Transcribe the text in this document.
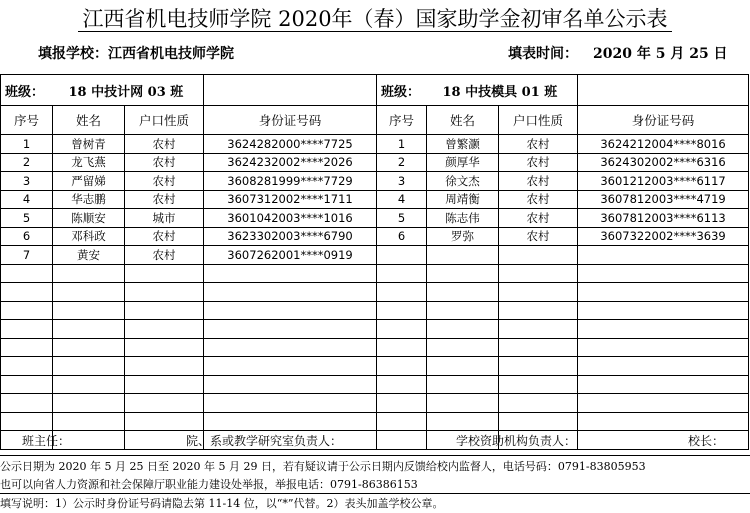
江西省机电技师学院 2020年（春）国家助学金初审名单公示表
填报学校：江西省机电技师学院	填表时间： 2020 年 5 月 25 日
班级：	18 中技计网 03 班			班级：	18 中技模具 01 班		
序号	姓名	户口性质	身份证号码	序号	姓名	户口性质	身份证号码
1	曾树青	农村	3624282000****7725	1	曾繁灏	农村	3624212004****8016
2	龙飞燕	农村	3624232002****2026	2	颜厚华	农村	3624302002****6316
3	严留娣	农村	3608281999****7729	3	徐文杰	农村	3601212003****6117
4	华志鹏	农村	3607312002****1711	4	周靖衡	农村	3607812003****4719
5	陈顺安	城市	3601042003****1016	5	陈志伟	农村	3607812003****6113
6	邓科政	农村	3623302003****6790	6	罗弥	农村	3607322002****3639
7	黄安	农村	3607262001****0919				

班主任：	院、系或教学研究室负责人：	学校资助机构负责人：	校长：
公示日期为 2020 年 5 月 25 日至 2020 年 5 月 29 日，若有疑议请于公示日期内反馈给校内监督人，电话号码：0791-83805953
也可以向省人力资源和社会保障厅职业能力建设处举报，举报电话：0791-86386153
填写说明：1）公示时身份证号码请隐去第 11-14 位，以“*”代替。2）表头加盖学校公章。
